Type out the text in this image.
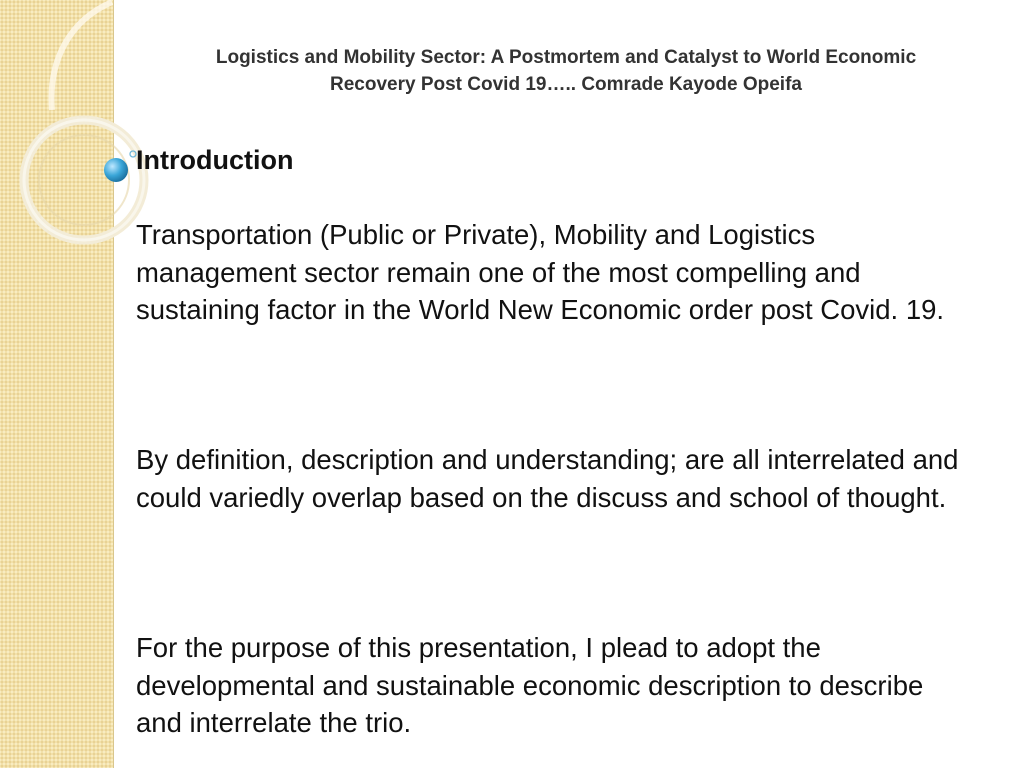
Logistics and Mobility Sector: A Postmortem and Catalyst to World Economic Recovery Post Covid 19….. Comrade Kayode Opeifa
Introduction

Transportation (Public or Private), Mobility and Logistics management sector remain one of the most compelling and sustaining factor in the World New Economic order post Covid. 19.

By definition, description and understanding; are all interrelated and could variedly overlap based on the discuss and school of thought.

For the purpose of this presentation, I plead to adopt the developmental and sustainable economic description to describe and interrelate the trio.
